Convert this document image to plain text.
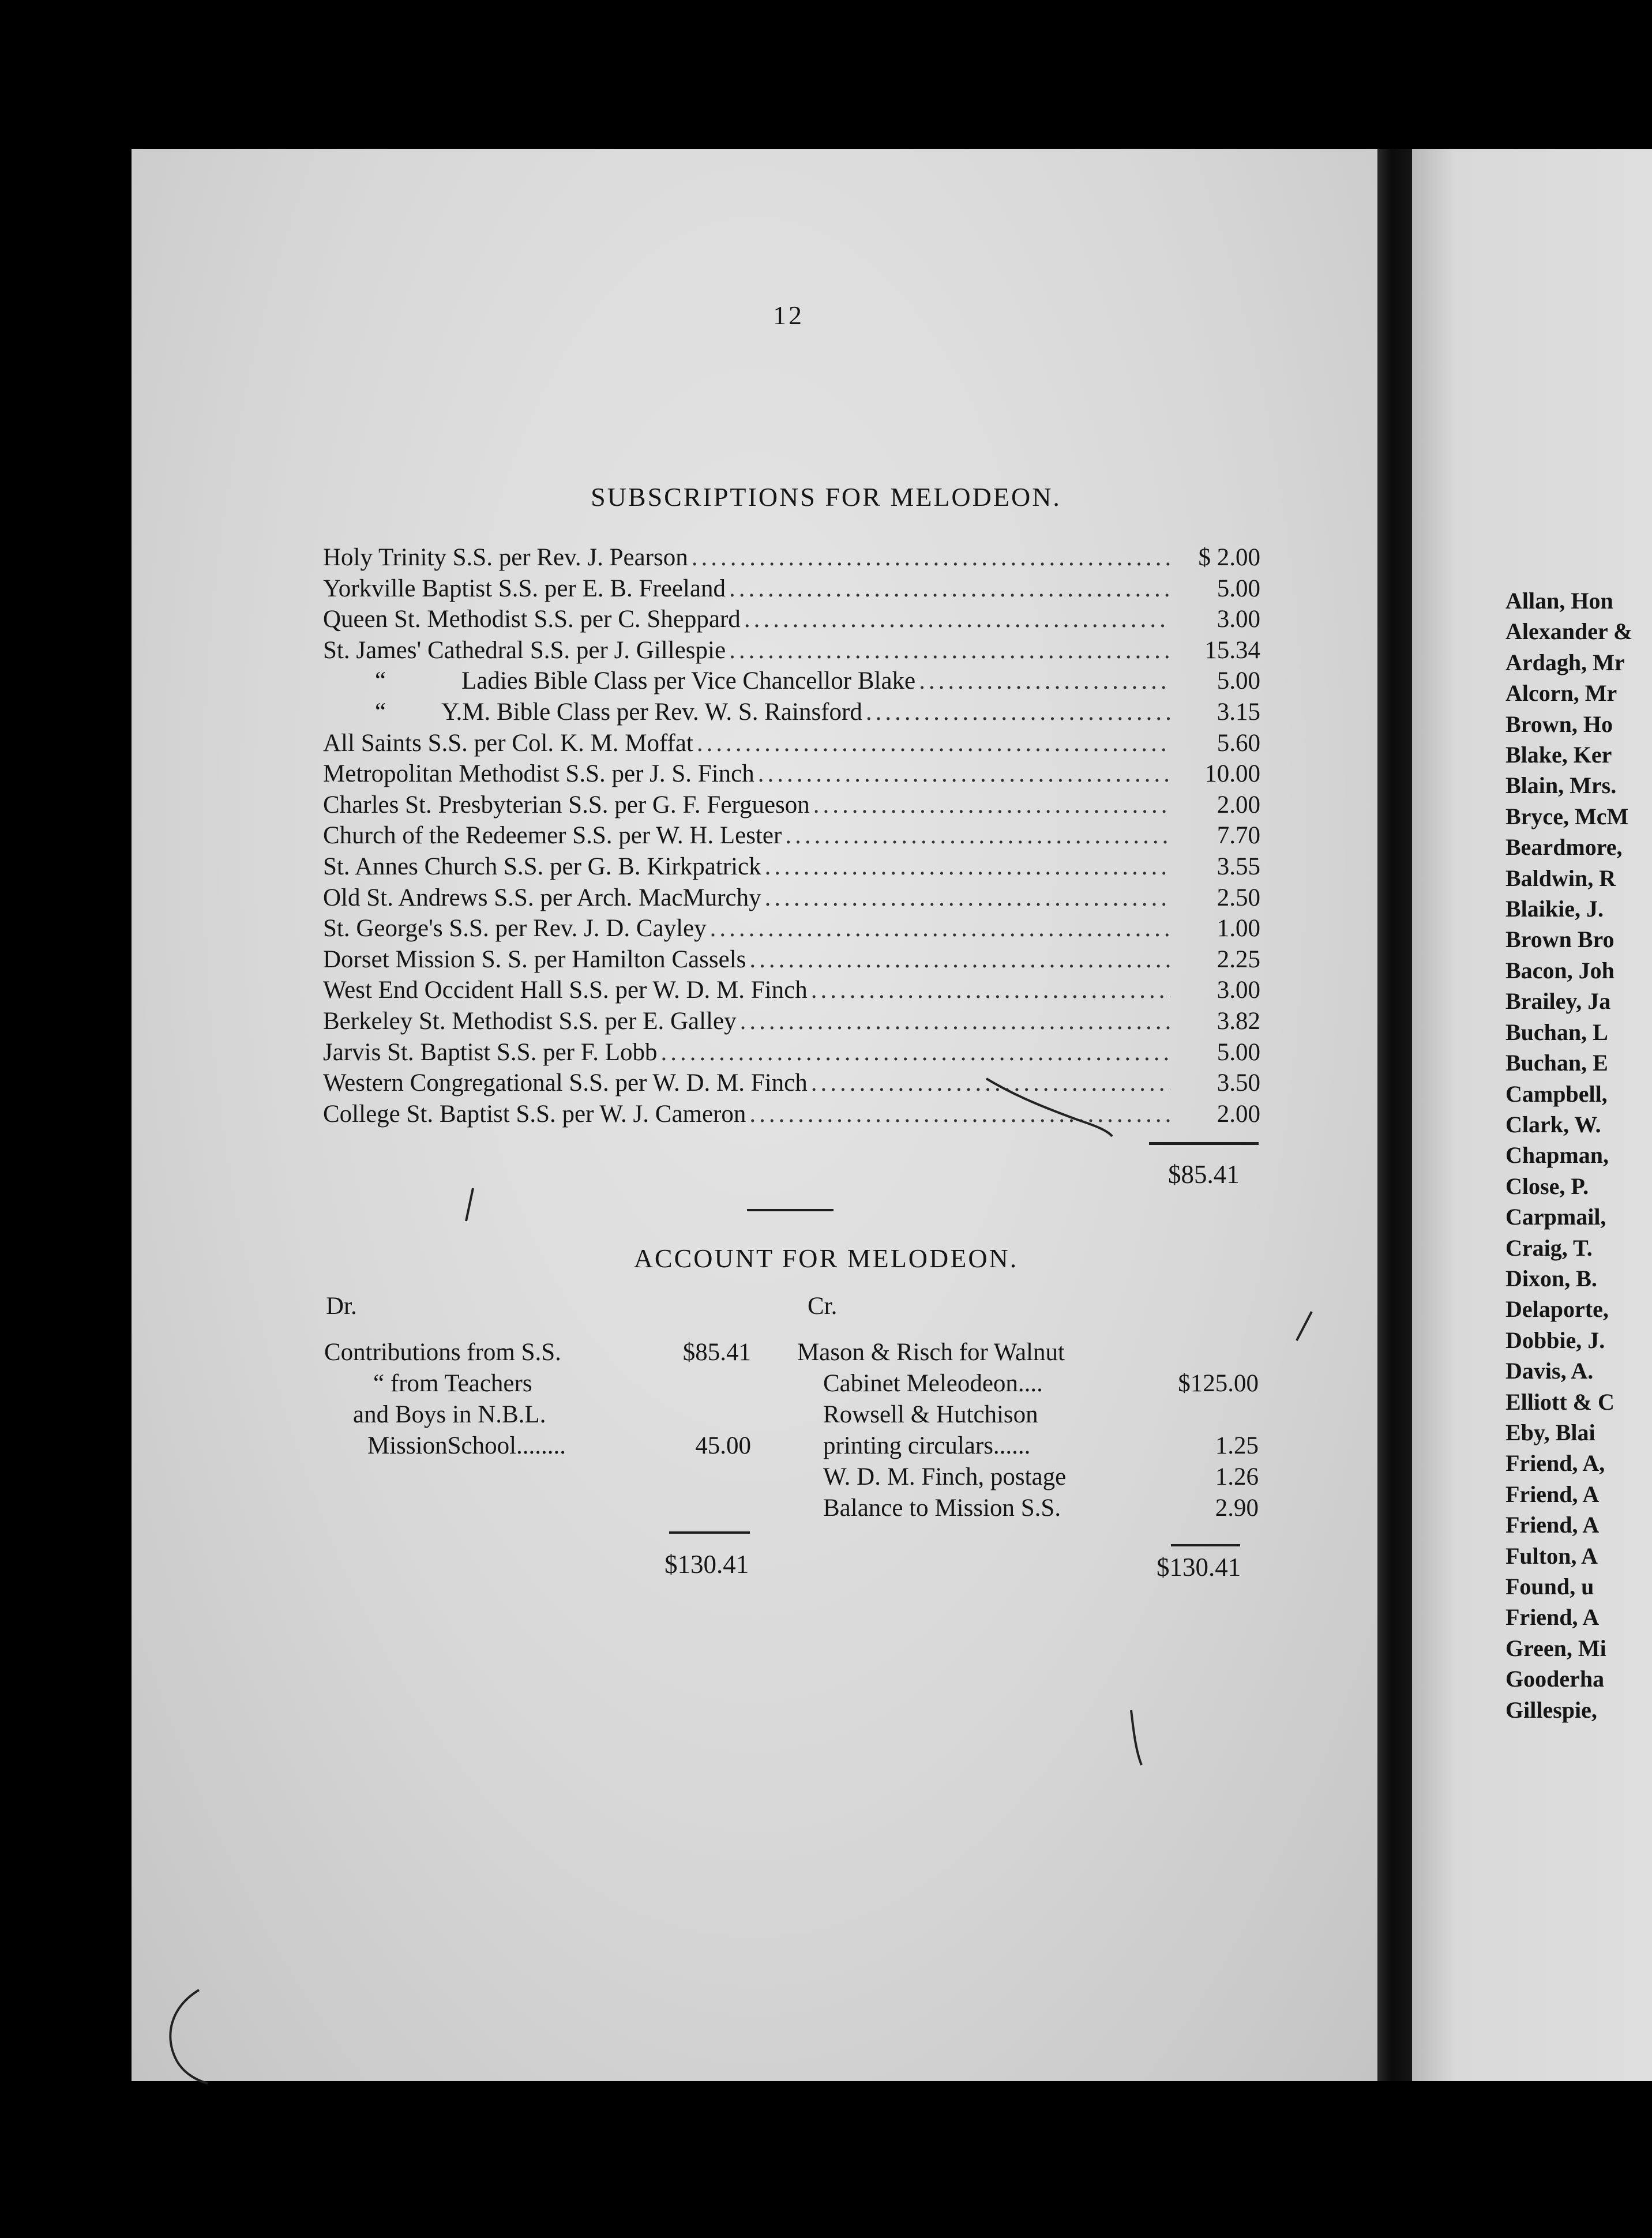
12
SUBSCRIPTIONS FOR MELODEON.
Holy Trinity S.S. per Rev. J. Pearson .....	$ 2.00
Yorkville Baptist S.S. per E. B. Freeland .....	5.00
Queen St. Methodist S.S. per C. Sheppard .....	3.00
St. James' Cathedral S.S. per J. Gillespie .....	15.34
“	Ladies Bible Class per Vice Chancellor Blake .....	5.00
“ Y.M. Bible Class per Rev. W. S. Rainsford .....	3.15
All Saints S.S. per Col. K. M. Moffat .....	5.60
Metropolitan Methodist S.S. per J. S. Finch .....	10.00
Charles St. Presbyterian S.S. per G. F. Fergueson .....	2.00
Church of the Redeemer S.S. per W. H. Lester .....	7.70
St. Annes Church S.S. per G. B. Kirkpatrick .....	3.55
Old St. Andrews S.S. per Arch. MacMurchy .....	2.50
St. George's S.S. per Rev. J. D. Cayley .....	1.00
Dorset Mission S. S. per Hamilton Cassels .....	2.25
West End Occident Hall S.S. per W. D. M. Finch .....	3.00
Berkeley St. Methodist S.S. per E. Galley .....	3.82
Jarvis St. Baptist S.S. per F. Lobb .....	5.00
Western Congregational S.S. per W. D. M. Finch .....	3.50
College St. Baptist S.S. per W. J. Cameron .....	2.00
$85.41
ACCOUNT FOR MELODEON.
Dr.	Cr.
Contributions from S.S.	$85.41
“ from Teachers
and Boys in N.B.L.
MissionSchool........	45.00
Mason & Risch for Walnut
Cabinet Meleodeon....	$125.00
Rowsell & Hutchison
printing circulars......	1.25
W. D. M. Finch, postage	1.26
Balance to Mission S.S.	2.90
$130.41	$130.41
Allan, Hon
Alexander &
Ardagh, Mr
Alcorn, Mr
Brown, Ho
Blake, Ker
Blain, Mrs.
Bryce, McM
Beardmore,
Baldwin, R
Blaikie, J.
Brown Bro
Bacon, Joh
Brailey, Ja
Buchan, L
Buchan, E
Campbell,
Clark, W.
Chapman,
Close, P.
Carpmail,
Craig, T.
Dixon, B.
Delaporte,
Dobbie, J.
Davis, A.
Elliott & C
Eby, Blai
Friend, A,
Friend, A
Friend, A
Fulton, A
Found, u
Friend, A
Green, Mi
Gooderha
Gillespie,
